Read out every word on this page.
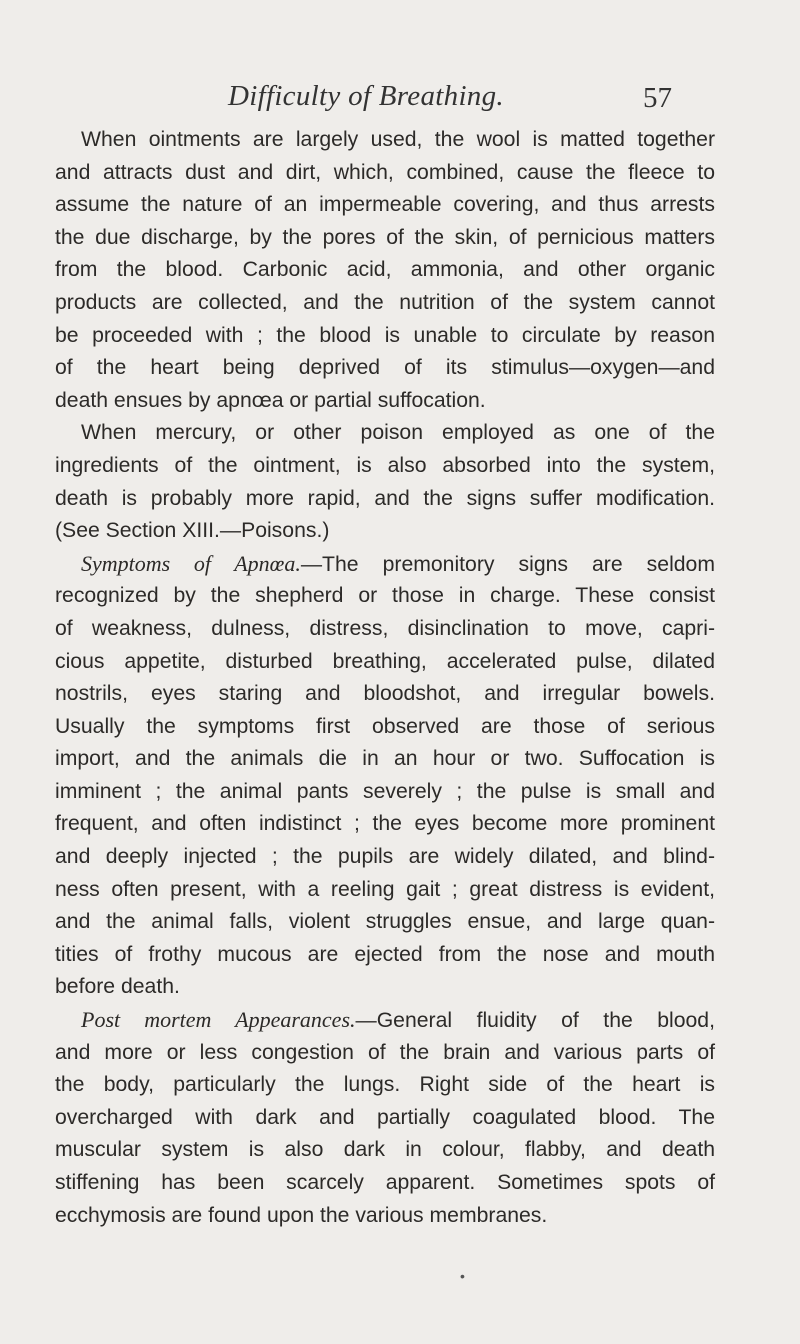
Difficulty of Breathing.	57
When ointments are largely used, the wool is matted together
and attracts dust and dirt, which, combined, cause the fleece to
assume the nature of an impermeable covering, and thus arrests
the due discharge, by the pores of the skin, of pernicious matters
from the blood. Carbonic acid, ammonia, and other organic
products are collected, and the nutrition of the system cannot
be proceeded with ; the blood is unable to circulate by reason
of the heart being deprived of its stimulus—oxygen—and
death ensues by apnœa or partial suffocation.
When mercury, or other poison employed as one of the
ingredients of the ointment, is also absorbed into the system,
death is probably more rapid, and the signs suffer modification.
(See Section XIII.—Poisons.)
Symptoms of Apnœa.—The premonitory signs are seldom
recognized by the shepherd or those in charge. These consist
of weakness, dulness, distress, disinclination to move, capri-
cious appetite, disturbed breathing, accelerated pulse, dilated
nostrils, eyes staring and bloodshot, and irregular bowels.
Usually the symptoms first observed are those of serious
import, and the animals die in an hour or two. Suffocation is
imminent ; the animal pants severely ; the pulse is small and
frequent, and often indistinct ; the eyes become more prominent
and deeply injected ; the pupils are widely dilated, and blind-
ness often present, with a reeling gait ; great distress is evident,
and the animal falls, violent struggles ensue, and large quan-
tities of frothy mucous are ejected from the nose and mouth
before death.
Post mortem Appearances.—General fluidity of the blood,
and more or less congestion of the brain and various parts of
the body, particularly the lungs. Right side of the heart is
overcharged with dark and partially coagulated blood. The
muscular system is also dark in colour, flabby, and death
stiffening has been scarcely apparent. Sometimes spots of
ecchymosis are found upon the various membranes.
•
